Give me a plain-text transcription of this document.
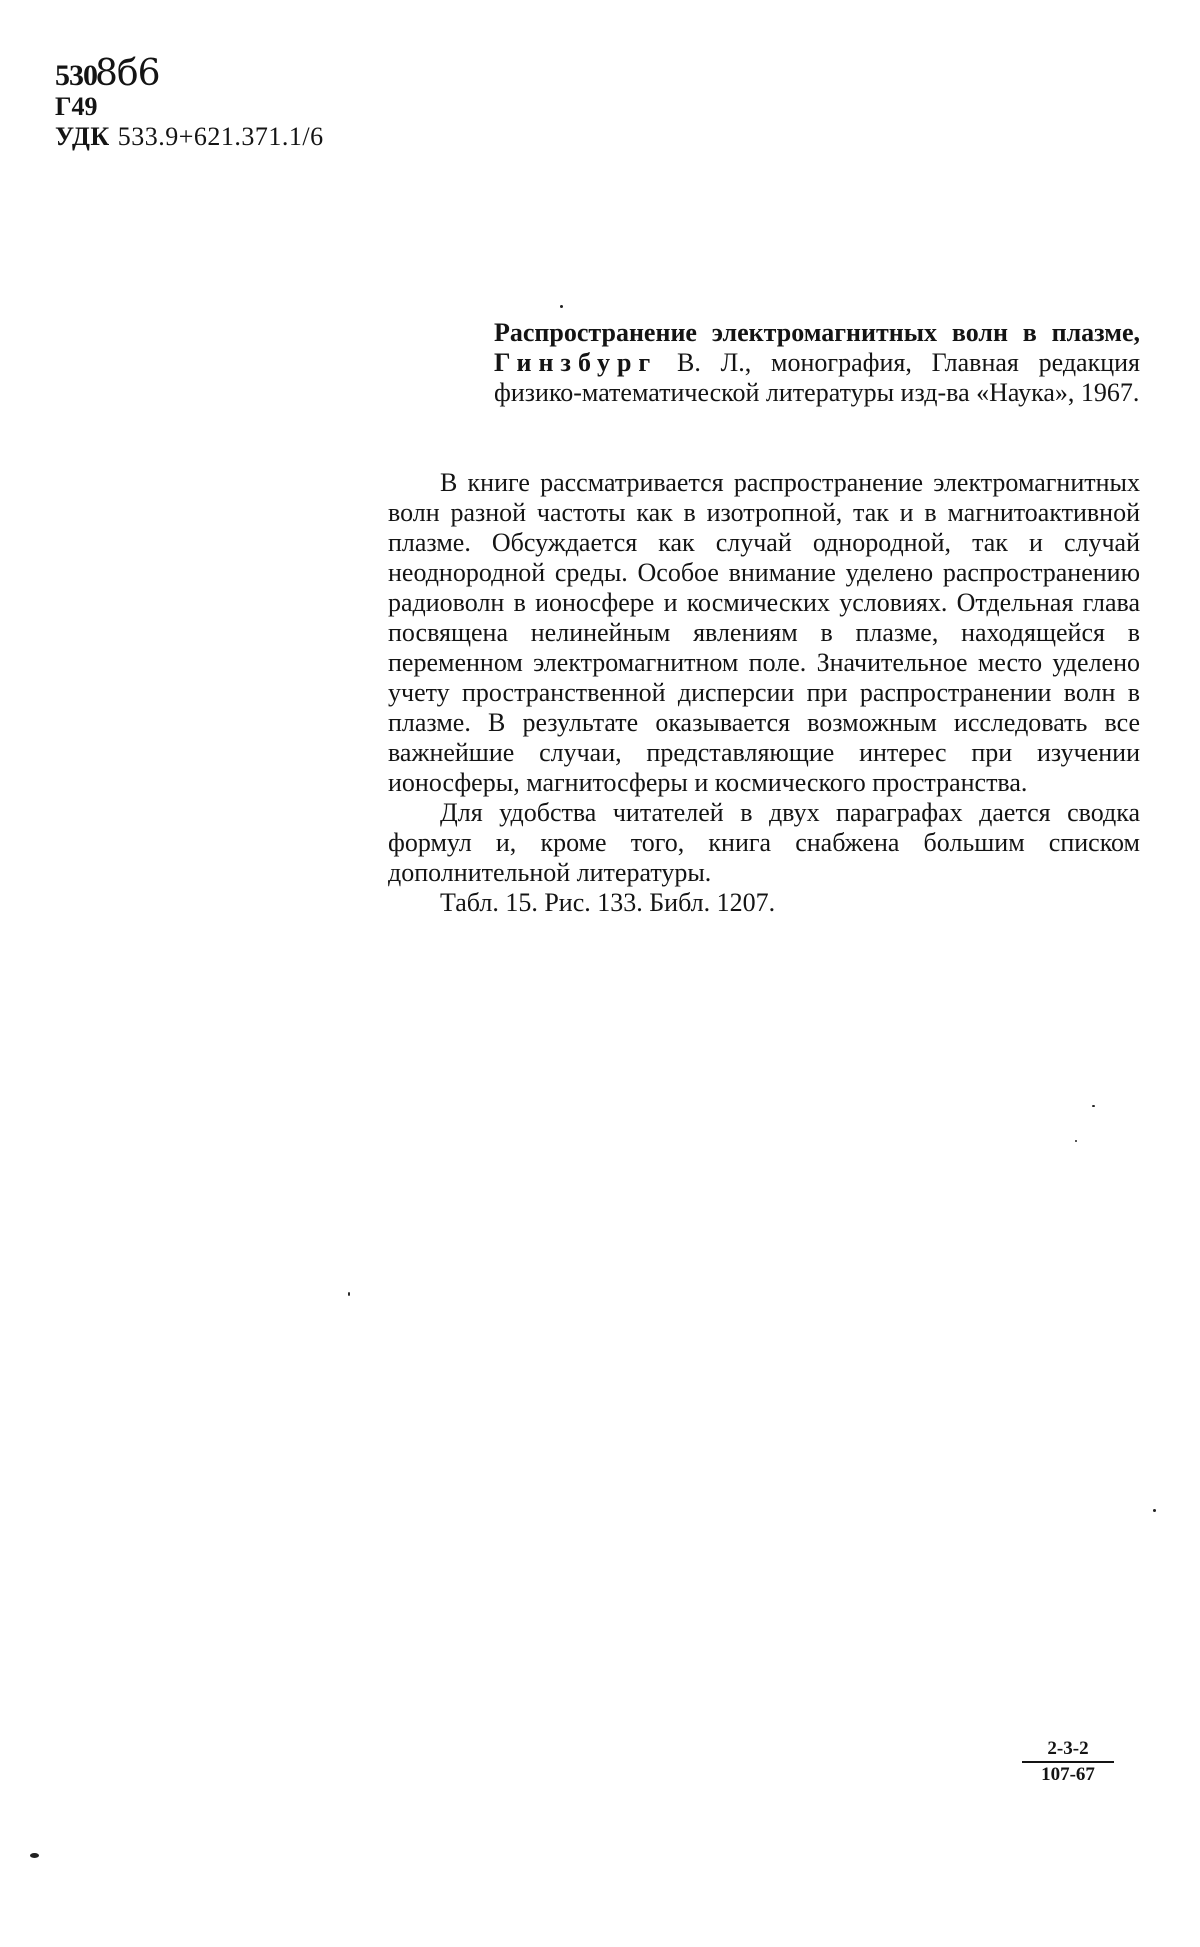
5308б6
Г49
УДК 533.9+621.371.1/6
Распространение электромагнитных волн в плазме, Гинзбург В. Л., монография, Главная редакция физико-математической литературы изд-ва «Наука», 1967.

В книге рассматривается распространение электромагнитных волн разной частоты как в изотропной, так и в магнитоактивной плазме. Обсуждается как случай однородной, так и случай неоднородной среды. Особое внимание уделено распространению радиоволн в ионосфере и космических условиях. Отдельная глава посвящена нелинейным явлениям в плазме, находящейся в переменном электромагнитном поле. Значительное место уделено учету пространственной дисперсии при распространении волн в плазме. В результате оказывается возможным исследовать все важнейшие случаи, представляющие интерес при изучении ионосферы, магнитосферы и космического пространства.

Для удобства читателей в двух параграфах дается сводка формул и, кроме того, книга снабжена большим списком дополнительной литературы.

Табл. 15. Рис. 133. Библ. 1207.

2-3-2
107-67
